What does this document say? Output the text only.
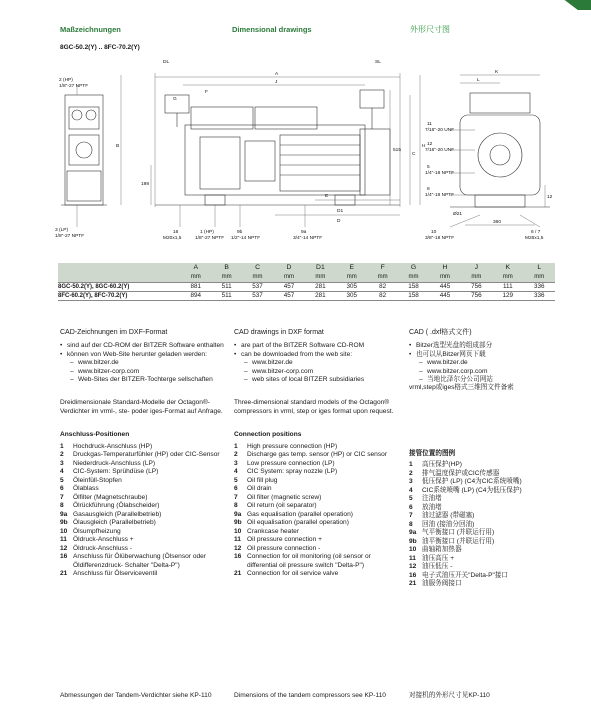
Maßzeichnungen	Dimensional drawings	外形尺寸图
8GC-50.2(Y) .. 8FC-70.2(Y)
DL	SL
A
J
F
G
2 (HP)
1/8"-27 NPTF
3 (LP)
1/8"-27 NPTF
E
D1
D
198
515
C
H
B
16
M20x1,5
1 (HP)
1/8"-27 NPTF
9b
1/2"-14 NPTF
9a
3/4"-14 NPTF
K
L
11
7/16"-20 UNF
12
7/16"-20 UNF
5
1/4"-18 NPTF
8
1/4"-18 NPTF
Ø21
360
12
10
3/8"-18 NPTF
6 / 7
M26x1,5
	A	B	C	D	D1	E	F	G	H	J	K	L
	mm	mm	mm	mm	mm	mm	mm	mm	mm	mm	mm	mm
8GC-50.2(Y), 8GC-60.2(Y)	881	511	537	457	281	305	82	158	445	756	111	336
8FC-60.2(Y), 8FC-70.2(Y)	894	511	537	457	281	305	82	158	445	756	129	336
CAD-Zeichnungen im DXF-Format
• sind auf der CD-ROM der BITZER Software enthalten
• können von Web-Site herunter geladen werden:
– www.bitzer.de
– www.bitzer-corp.com
– Web-Sites der BITZER-Tochterge sellschaften
Dreidimensionale Standard-Modelle der Octagon®-Verdichter im vrml-, ste- poder iges-Format auf Anfrage.
Anschluss-Positionen
1	Hochdruck-Anschluss (HP)
2	Druckgas-Temperaturfühler (HP) oder CIC-Sensor
3	Niederdruck-Anschluss (LP)
4	CIC-System: Sprühdüse (LP)
5	Öleinfüll-Stopfen
6	Ölablass
7	Ölfilter (Magnetschraube)
8	Ölrückführung (Ölabscheider)
9a Gasausgleich (Parallelbetrieb)
9b Ölausgleich (Parallelbetrieb)
10 Ölsumpfheizung
11 Öldruck-Anschluss +
12 Öldruck-Anschluss -
16 Anschluss für Ölüberwachung (Ölsensor oder Öldifferenzdruck- Schalter "Delta-P")
21 Anschluss für Ölserviceventil
Abmessungen der Tandem-Verdichter siehe KP-110
CAD drawings in DXF format
• are part of the BITZER Software CD-ROM
• can be downloaded from the web site:
– www.bitzer.de
– www.bitzer-corp.com
– web sites of local BITZER subsidiaries
Three-dimensional standard models of the Octagon® compressors in vrml, step or iges format upon request.
Connection positions
1	High pressure connection (HP)
2	Discharge gas temp. sensor (HP) or CIC sensor
3	Low pressure connection (LP)
4	CIC System: spray nozzle (LP)
5	Oil fill plug
6	Oil drain
7	Oil filter (magnetic screw)
8	Oil return (oil separator)
9a Gas equalisation (parallel operation)
9b Oil equalisation (parallel operation)
10 Crankcase heater
11 Oil pressure connection +
12 Oil pressure connection -
16 Connection for oil monitoring (oil sensor or differential oil pressure switch "Delta-P")
21 Connection for oil service valve
Dimensions of the tandem compressors see KP-110
CAD ( .dxf格式文件)
• Bitzer选型光盘的组成部分
• 也可以从Bitzer网页下载
– www.bitzer.de
– www.bitzer.corp.com
– 当地比泽尔分公司网站
vrml,step或iges格式三维图文件备索
接管位置的图例
1	高压保护(HP)
2	排气温度保护或CIC传感器
3	低压保护 (LP) (C4为CIC系统喷嘴)
4	CIC系统喷嘴 (LP) (C4为低压保护)
5	注油堵
6	放油堵
7	油过滤器 (带磁塞)
8	回油 (接油分回油)
9a 气平衡接口 (并联运行用)
9b 油平衡接口 (并联运行用)
10 曲轴箱加热器
11 油压高压 +
12 油压低压 -
16 电子式油压开关"Delta-P"接口
21 油服务阀接口
对接机的外形尺寸见KP-110
